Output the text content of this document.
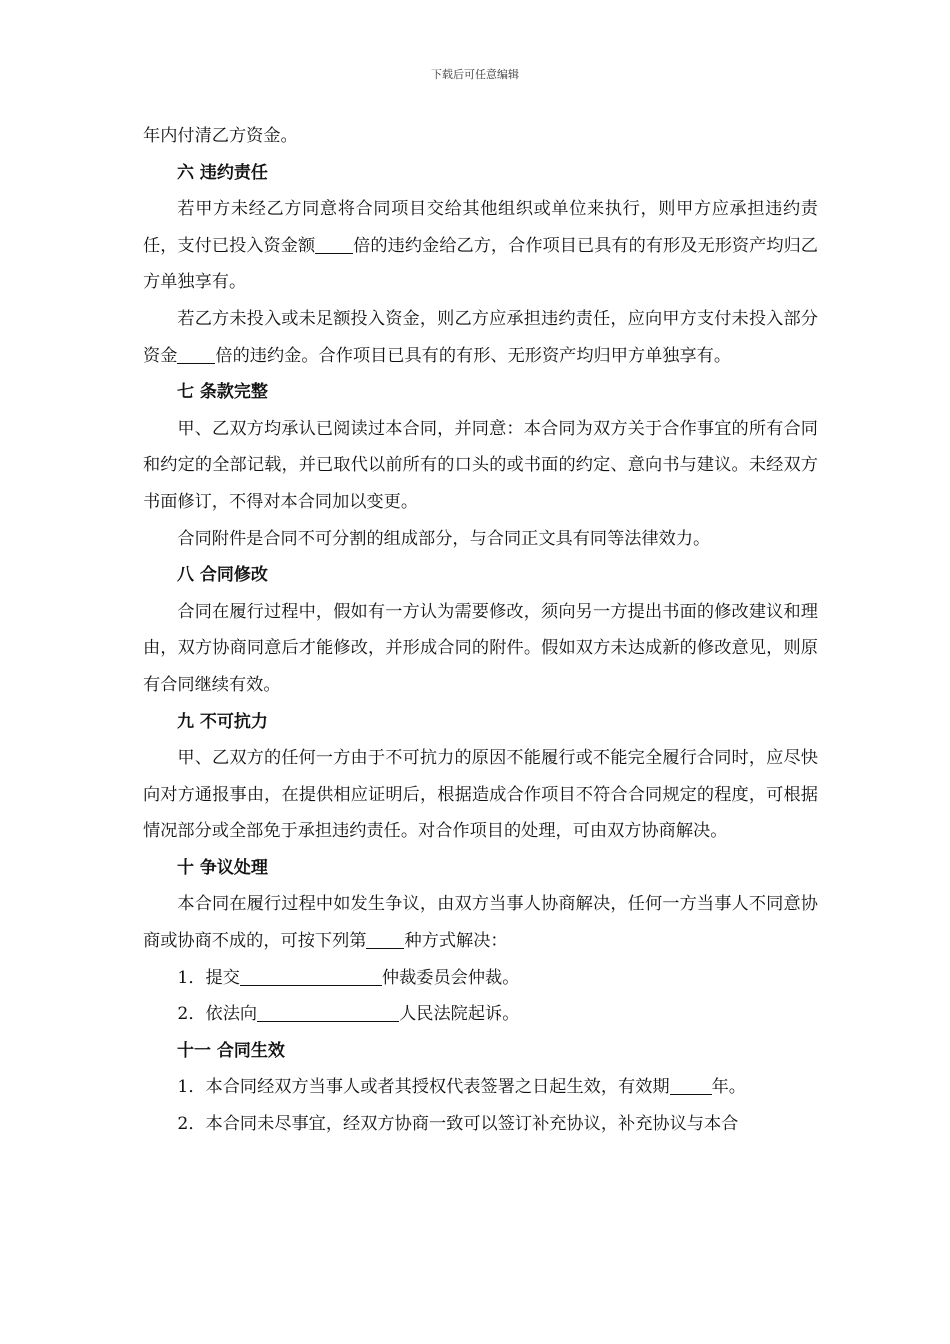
下载后可任意编辑

年内付清乙方资金。

六 违约责任

若甲方未经乙方同意将合同项目交给其他组织或单位来执行，则甲方应承担违约责任，支付已投入资金额 倍的违约金给乙方，合作项目已具有的有形及无形资产均归乙方单独享有。

若乙方未投入或未足额投入资金，则乙方应承担违约责任，应向甲方支付未投入部分资金 倍的违约金。合作项目已具有的有形、无形资产均归甲方单独享有。

七 条款完整

甲、乙双方均承认已阅读过本合同，并同意：本合同为双方关于合作事宜的所有合同和约定的全部记载，并已取代以前所有的口头的或书面的约定、意向书与建议。未经双方书面修订，不得对本合同加以变更。

合同附件是合同不可分割的组成部分，与合同正文具有同等法律效力。

八 合同修改

合同在履行过程中，假如有一方认为需要修改，须向另一方提出书面的修改建议和理由，双方协商同意后才能修改，并形成合同的附件。假如双方未达成新的修改意见，则原有合同继续有效。

九 不可抗力

甲、乙双方的任何一方由于不可抗力的原因不能履行或不能完全履行合同时，应尽快向对方通报事由，在提供相应证明后，根据造成合作项目不符合合同规定的程度，可根据情况部分或全部免于承担违约责任。对合作项目的处理，可由双方协商解决。

十 争议处理

本合同在履行过程中如发生争议，由双方当事人协商解决，任何一方当事人不同意协商或协商不成的，可按下列第 种方式解决：

1．提交	仲裁委员会仲裁。

2．依法向	人民法院起诉。

十一 合同生效

1．本合同经双方当事人或者其授权代表签署之日起生效，有效期 年。

2．本合同未尽事宜，经双方协商一致可以签订补充协议，补充协议与本合
